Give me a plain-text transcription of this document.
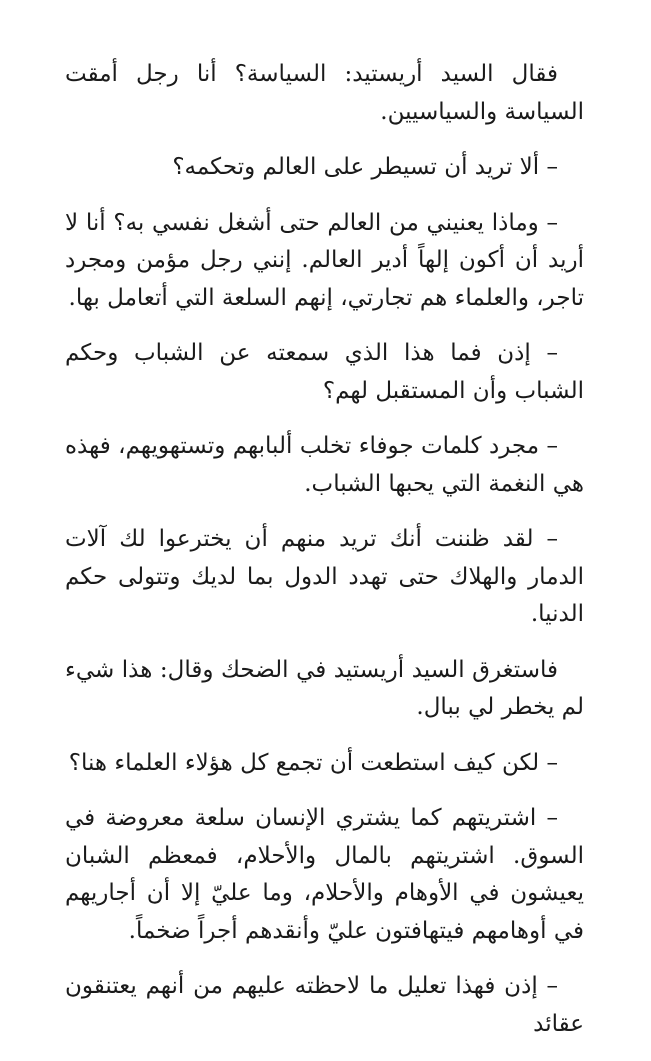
فقال السيد أريستيد: السياسة؟ أنا رجل أمقت السياسة والسياسيين.

– ألا تريد أن تسيطر على العالم وتحكمه؟

– وماذا يعنيني من العالم حتى أشغل نفسي به؟ أنا لا أريد أن أكون إلهاً أدير العالم. إنني رجل مؤمن ومجرد تاجر، والعلماء هم تجارتي، إنهم السلعة التي أتعامل بها.

– إذن فما هذا الذي سمعته عن الشباب وحكم الشباب وأن المستقبل لهم؟

– مجرد كلمات جوفاء تخلب ألبابهم وتستهويهم، فهذه هي النغمة التي يحبها الشباب.

– لقد ظننت أنك تريد منهم أن يخترعوا لك آلات الدمار والهلاك حتى تهدد الدول بما لديك وتتولى حكم الدنيا.

فاستغرق السيد أريستيد في الضحك وقال: هذا شيء لم يخطر لي ببال.

– لكن كيف استطعت أن تجمع كل هؤلاء العلماء هنا؟

– اشتريتهم كما يشتري الإنسان سلعة معروضة في السوق. اشتريتهم بالمال والأحلام، فمعظم الشبان يعيشون في الأوهام والأحلام، وما عليّ إلا أن أجاريهم في أوهامهم فيتهافتون عليّ وأنقدهم أجراً ضخماً.

– إذن فهذا تعليل ما لاحظته عليهم من أنهم يعتنقون عقائد
